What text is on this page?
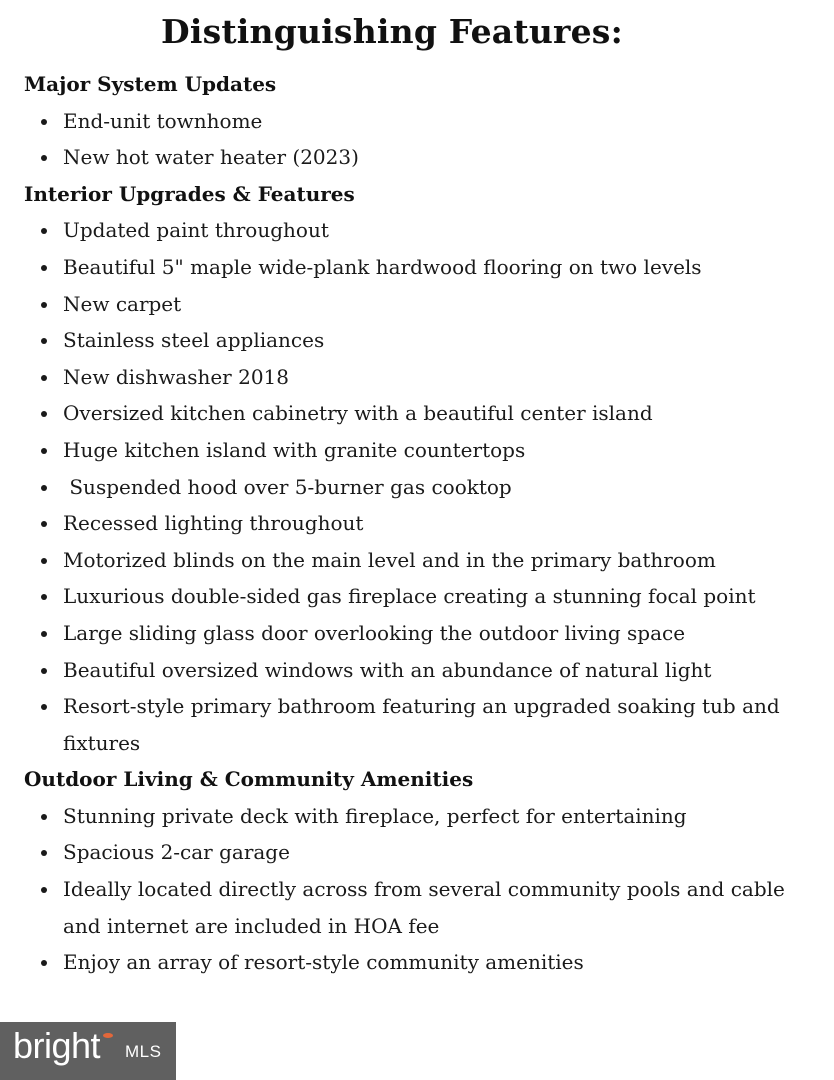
Distinguishing Features:
Major System Updates
End-unit townhome
New hot water heater (2023)
Interior Upgrades & Features
Updated paint throughout
Beautiful 5" maple wide-plank hardwood flooring on two levels
New carpet
Stainless steel appliances
New dishwasher 2018
Oversized kitchen cabinetry with a beautiful center island
Huge kitchen island with granite countertops
Suspended hood over 5-burner gas cooktop
Recessed lighting throughout
Motorized blinds on the main level and in the primary bathroom
Luxurious double-sided gas fireplace creating a stunning focal point
Large sliding glass door overlooking the outdoor living space
Beautiful oversized windows with an abundance of natural light
Resort-style primary bathroom featuring an upgraded soaking tub and fixtures
Outdoor Living & Community Amenities
Stunning private deck with fireplace, perfect for entertaining
Spacious 2-car garage
Ideally located directly across from several community pools and cable and internet are included in HOA fee
Enjoy an array of resort-style community amenities
bright MLS
